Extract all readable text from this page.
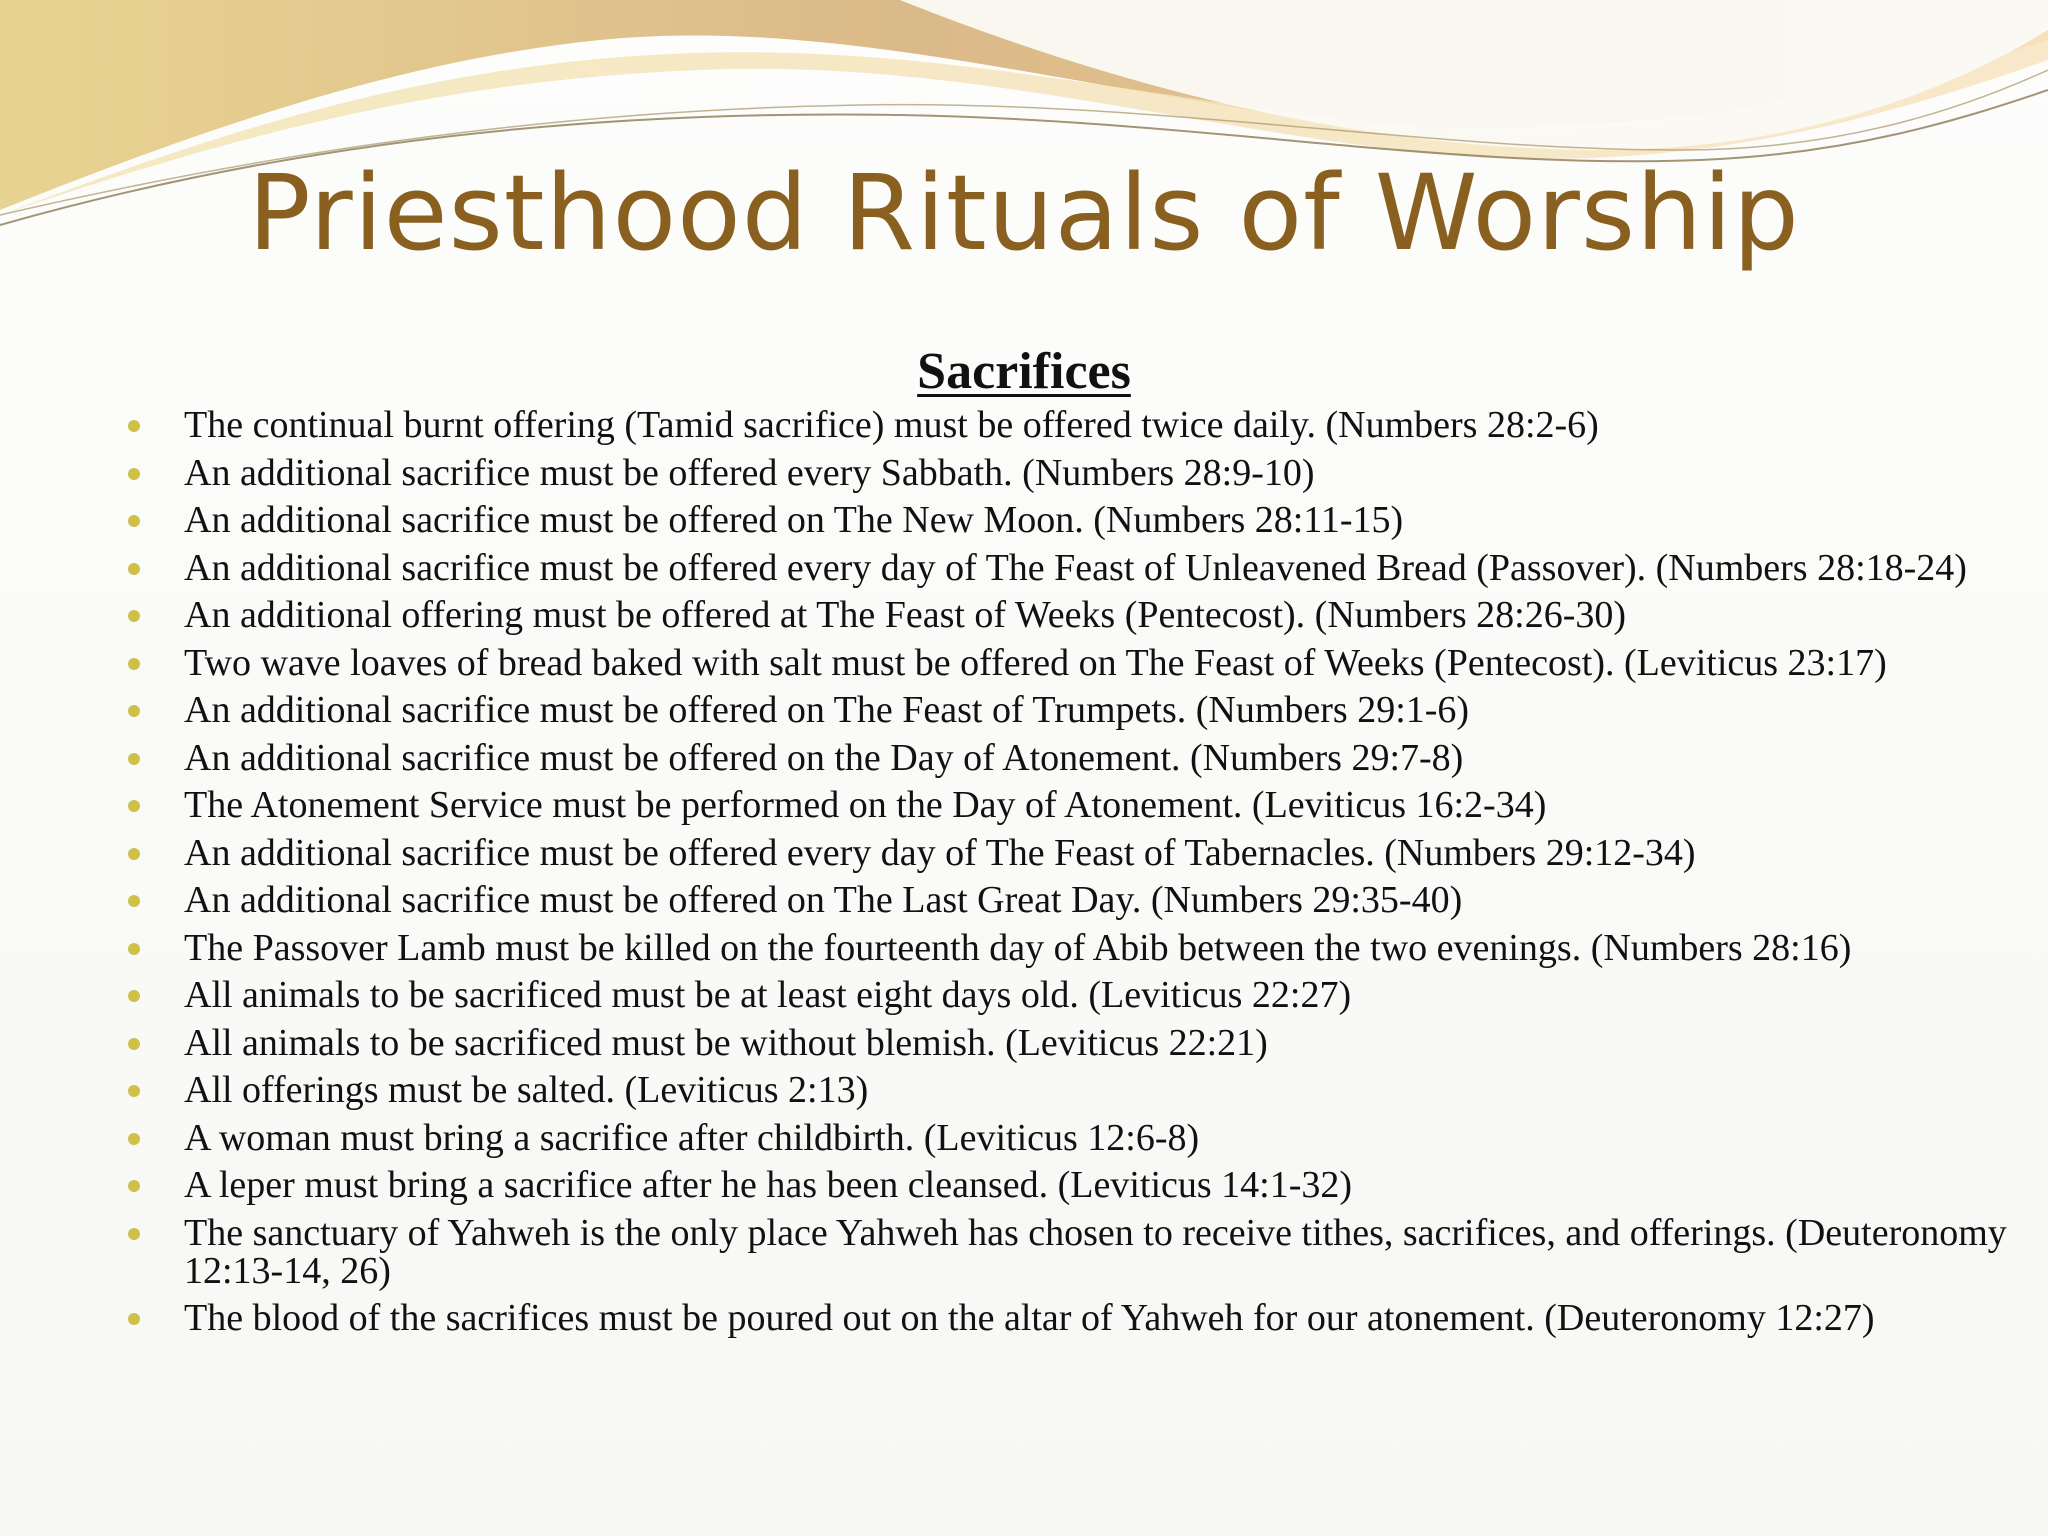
Priesthood Rituals of Worship
Sacrifices
The continual burnt offering (Tamid sacrifice) must be offered twice daily. (Numbers 28:2-6)
An additional sacrifice must be offered every Sabbath. (Numbers 28:9-10)
An additional sacrifice must be offered on The New Moon. (Numbers 28:11-15)
An additional sacrifice must be offered every day of The Feast of Unleavened Bread (Passover). (Numbers 28:18-24)
An additional offering must be offered at The Feast of Weeks (Pentecost). (Numbers 28:26-30)
Two wave loaves of bread baked with salt must be offered on The Feast of Weeks (Pentecost). (Leviticus 23:17)
An additional sacrifice must be offered on The Feast of Trumpets. (Numbers 29:1-6)
An additional sacrifice must be offered on the Day of Atonement. (Numbers 29:7-8)
The Atonement Service must be performed on the Day of Atonement. (Leviticus 16:2-34)
An additional sacrifice must be offered every day of The Feast of Tabernacles. (Numbers 29:12-34)
An additional sacrifice must be offered on The Last Great Day. (Numbers 29:35-40)
The Passover Lamb must be killed on the fourteenth day of Abib between the two evenings. (Numbers 28:16)
All animals to be sacrificed must be at least eight days old. (Leviticus 22:27)
All animals to be sacrificed must be without blemish. (Leviticus 22:21)
All offerings must be salted. (Leviticus 2:13)
A woman must bring a sacrifice after childbirth. (Leviticus 12:6-8)
A leper must bring a sacrifice after he has been cleansed. (Leviticus 14:1-32)
The sanctuary of Yahweh is the only place Yahweh has chosen to receive tithes, sacrifices, and offerings. (Deuteronomy 12:13-14, 26)
The blood of the sacrifices must be poured out on the altar of Yahweh for our atonement. (Deuteronomy 12:27)
